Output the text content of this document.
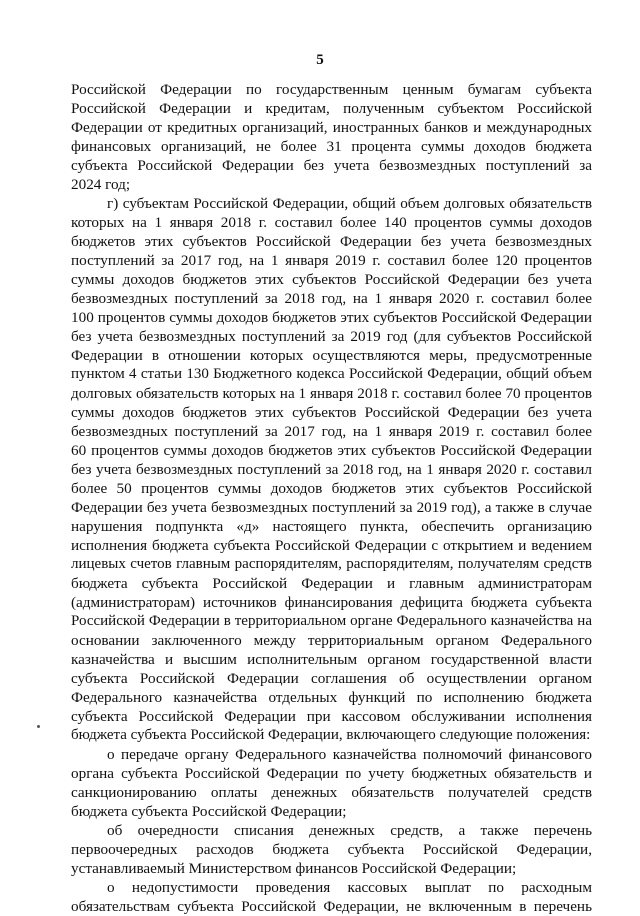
5
Российской Федерации по государственным ценным бумагам субъекта
Российской Федерации и кредитам, полученным субъектом Российской
Федерации от кредитных организаций, иностранных банков и международных
финансовых организаций, не более 31 процента суммы доходов бюджета
субъекта Российской Федерации без учета безвозмездных поступлений за
2024 год;
г) субъектам Российской Федерации, общий объем долговых обязательств
которых на 1 января 2018 г. составил более 140 процентов суммы доходов
бюджетов этих субъектов Российской Федерации без учета безвозмездных
поступлений за 2017 год, на 1 января 2019 г. составил более 120 процентов
суммы доходов бюджетов этих субъектов Российской Федерации без учета
безвозмездных поступлений за 2018 год, на 1 января 2020 г. составил более
100 процентов суммы доходов бюджетов этих субъектов Российской Федерации
без учета безвозмездных поступлений за 2019 год (для субъектов Российской
Федерации в отношении которых осуществляются меры, предусмотренные
пунктом 4 статьи 130 Бюджетного кодекса Российской Федерации, общий объем
долговых обязательств которых на 1 января 2018 г. составил более 70 процентов
суммы доходов бюджетов этих субъектов Российской Федерации без учета
безвозмездных поступлений за 2017 год, на 1 января 2019 г. составил более
60 процентов суммы доходов бюджетов этих субъектов Российской Федерации
без учета безвозмездных поступлений за 2018 год, на 1 января 2020 г. составил
более 50 процентов суммы доходов бюджетов этих субъектов Российской
Федерации без учета безвозмездных поступлений за 2019 год), а также в случае
нарушения подпункта «д» настоящего пункта, обеспечить организацию
исполнения бюджета субъекта Российской Федерации с открытием и ведением
лицевых счетов главным распорядителям, распорядителям, получателям средств
бюджета субъекта Российской Федерации и главным администраторам
(администраторам) источников финансирования дефицита бюджета субъекта
Российской Федерации в территориальном органе Федерального казначейства на
основании заключенного между территориальным органом Федерального
казначейства и высшим исполнительным органом государственной власти
субъекта Российской Федерации соглашения об осуществлении органом
Федерального казначейства отдельных функций по исполнению бюджета
субъекта Российской Федерации при кассовом обслуживании исполнения
бюджета субъекта Российской Федерации, включающего следующие положения:
о передаче органу Федерального казначейства полномочий финансового
органа субъекта Российской Федерации по учету бюджетных обязательств и
санкционированию оплаты денежных обязательств получателей средств
бюджета субъекта Российской Федерации;
об очередности списания денежных средств, а также перечень
первоочередных расходов бюджета субъекта Российской Федерации,
устанавливаемый Министерством финансов Российской Федерации;
о недопустимости проведения кассовых выплат по расходным
обязательствам субъекта Российской Федерации, не включенным в перечень
